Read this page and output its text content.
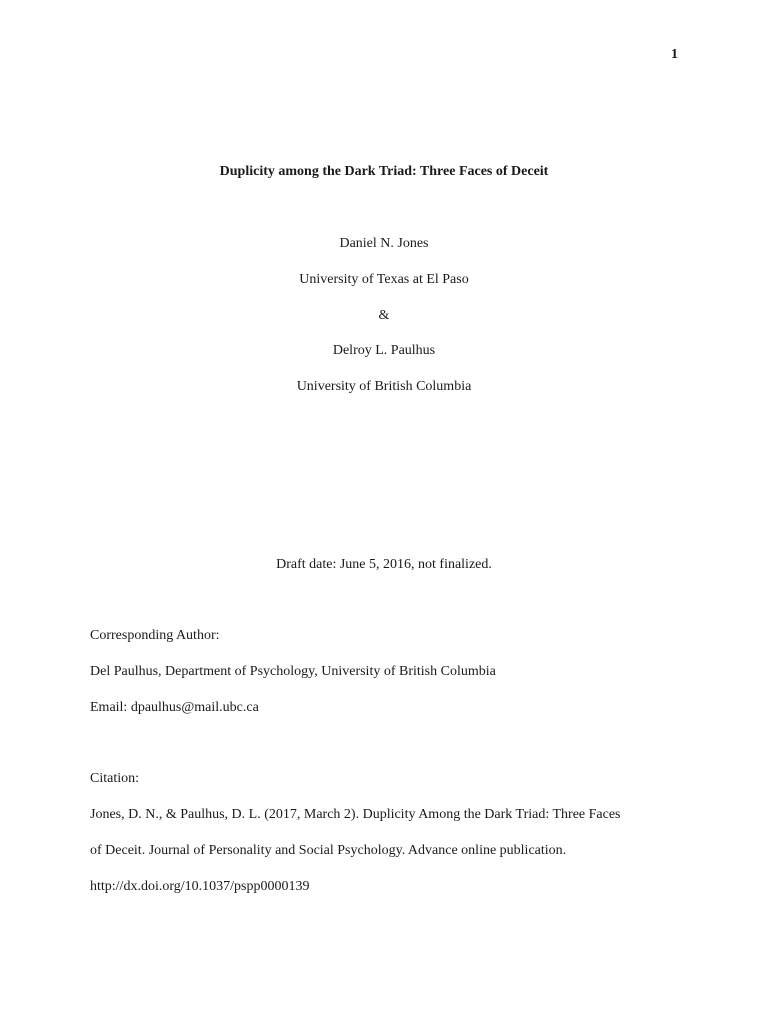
1
Duplicity among the Dark Triad: Three Faces of Deceit
Daniel N. Jones
University of Texas at El Paso
&
Delroy L. Paulhus
University of British Columbia
Draft date: June 5, 2016, not finalized.
Corresponding Author:
Del Paulhus, Department of Psychology, University of British Columbia
Email: dpaulhus@mail.ubc.ca
Citation:
Jones, D. N., & Paulhus, D. L. (2017, March 2). Duplicity Among the Dark Triad: Three Faces
of Deceit. Journal of Personality and Social Psychology. Advance online publication.
http://dx.doi.org/10.1037/pspp0000139
